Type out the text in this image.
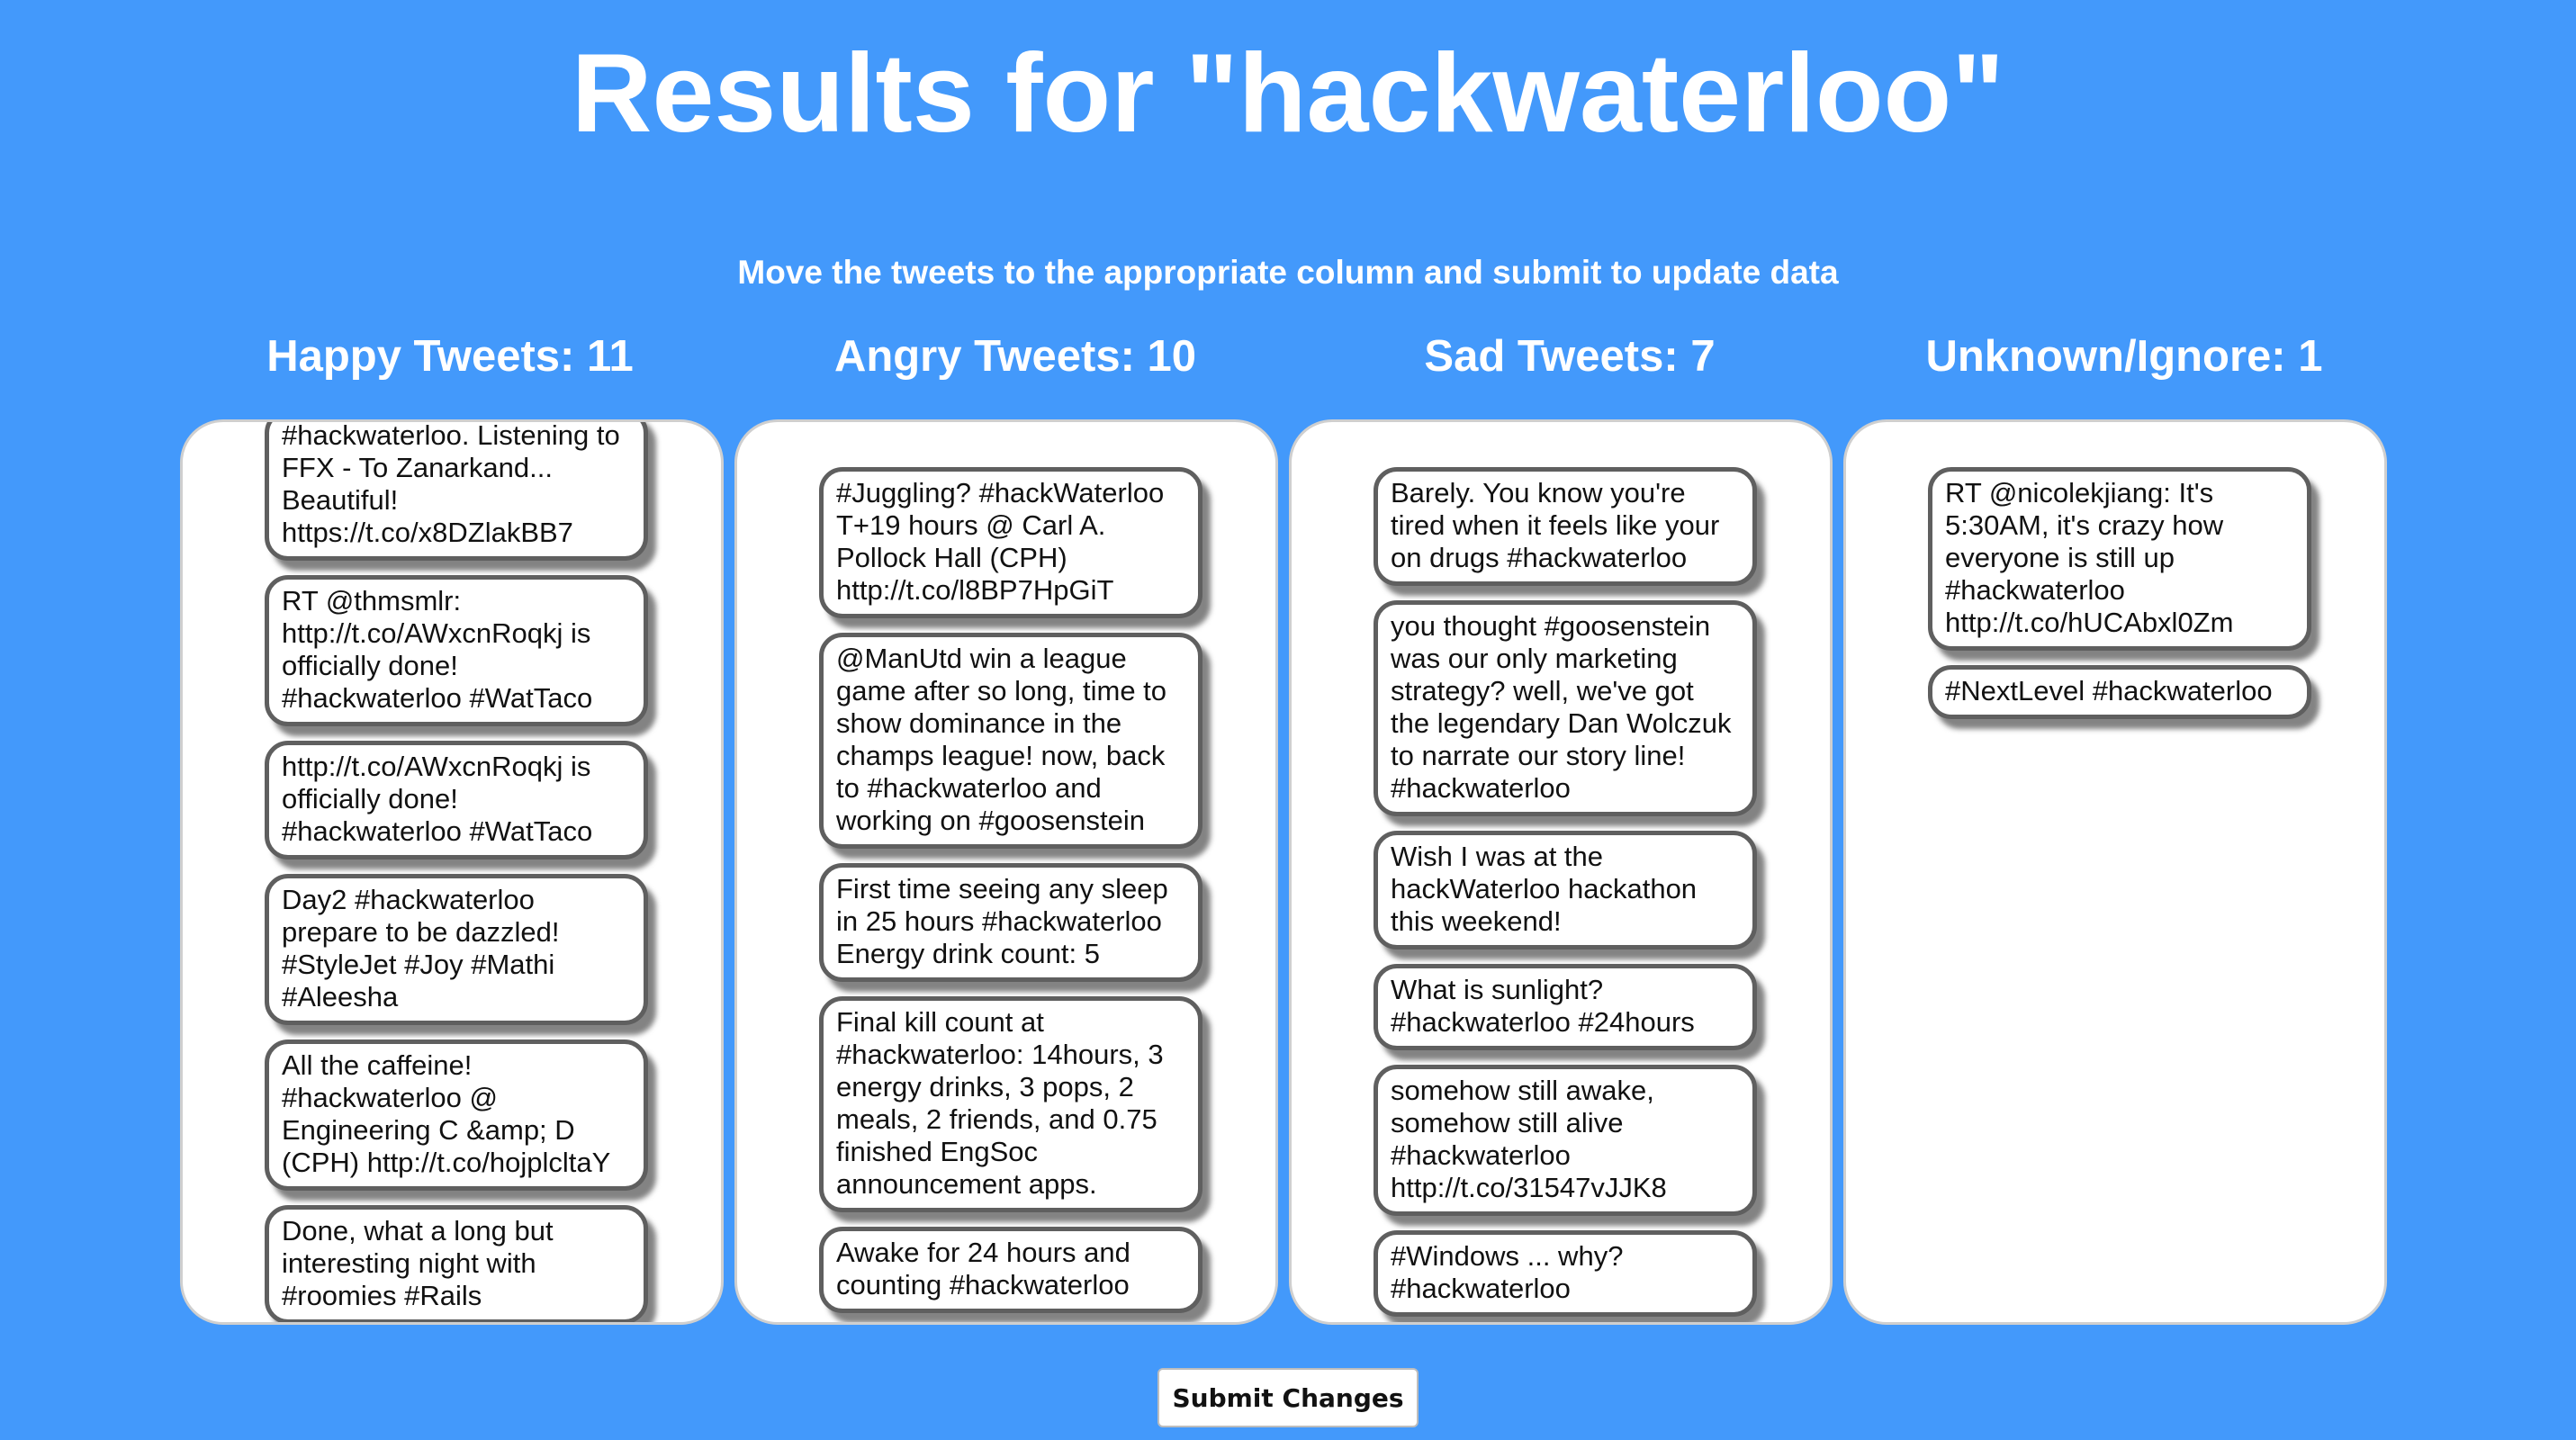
Results for "hackwaterloo"

Move the tweets to the appropriate column and submit to update data

Happy Tweets: 11	Angry Tweets: 10	Sad Tweets: 7	Unknown/Ignore: 1
#hackwaterloo. Listening to FFX - To Zanarkand... Beautiful! https://t.co/x8DZlakBB7
RT @thmsmlr: http://t.co/AWxcnRoqkj is officially done! #hackwaterloo #WatTaco
http://t.co/AWxcnRoqkj is officially done! #hackwaterloo #WatTaco
Day2 #hackwaterloo prepare to be dazzled! #StyleJet #Joy #Mathi #Aleesha
All the caffeine! #hackwaterloo @ Engineering C &amp; D (CPH) http://t.co/hojplcltaY
Done, what a long but interesting night with #roomies #Rails
#Juggling? #hackWaterloo T+19 hours @ Carl A. Pollock Hall (CPH) http://t.co/l8BP7HpGiT
@ManUtd win a league game after so long, time to show dominance in the champs league! now, back to #hackwaterloo and working on #goosenstein
First time seeing any sleep in 25 hours #hackwaterloo Energy drink count: 5
Final kill count at #hackwaterloo: 14hours, 3 energy drinks, 3 pops, 2 meals, 2 friends, and 0.75 finished EngSoc announcement apps.
Awake for 24 hours and counting #hackwaterloo
Barely. You know you're tired when it feels like your on drugs #hackwaterloo
you thought #goosenstein was our only marketing strategy? well, we've got the legendary Dan Wolczuk to narrate our story line! #hackwaterloo
Wish I was at the hackWaterloo hackathon this weekend!
What is sunlight? #hackwaterloo #24hours
somehow still awake, somehow still alive #hackwaterloo http://t.co/31547vJJK8
#Windows ... why? #hackwaterloo
RT @nicolekjiang: It's 5:30AM, it's crazy how everyone is still up #hackwaterloo http://t.co/hUCAbxl0Zm
#NextLevel #hackwaterloo
Submit Changes
